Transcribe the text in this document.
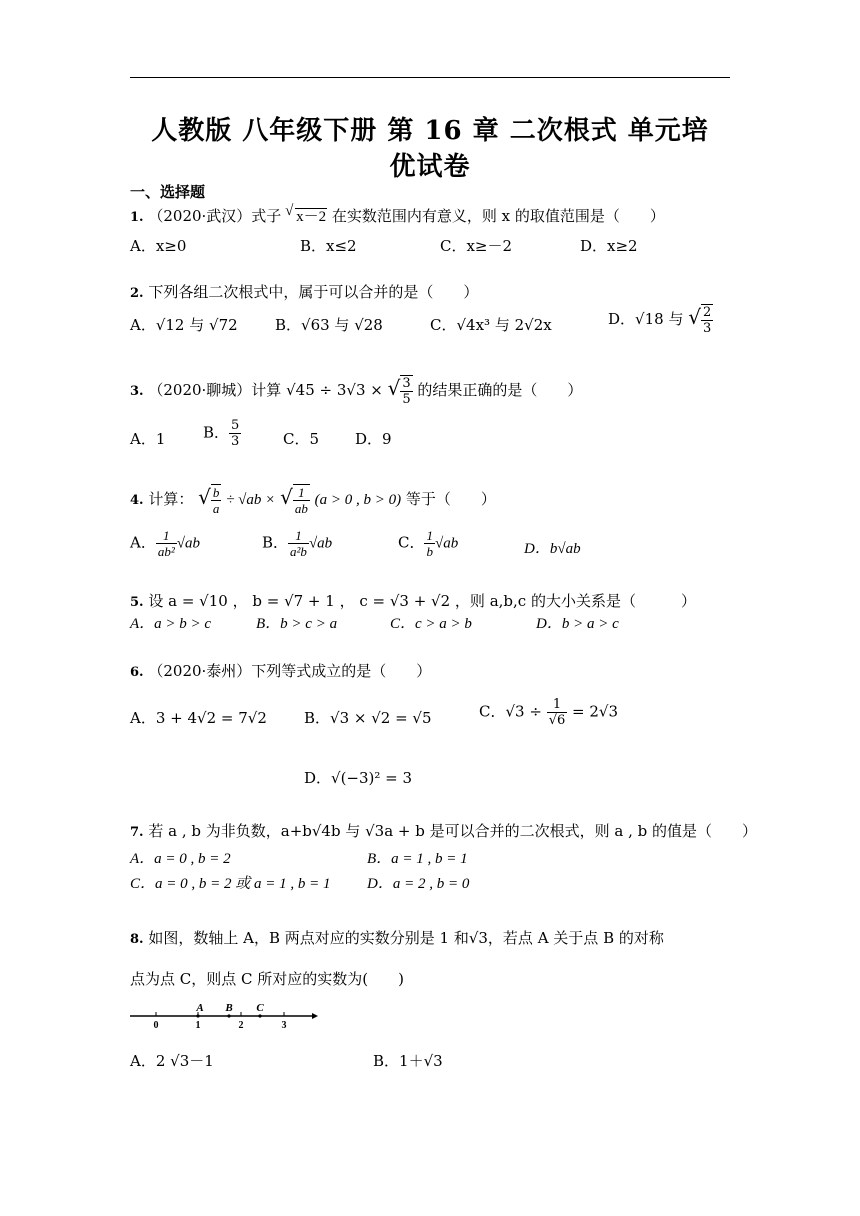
人教版 八年级下册 第 16 章 二次根式 单元培
优试卷
一、选择题
1. （2020·武汉）式子 √ x－2 在实数范围内有意义，则 x 的取值范围是（　　）
A．x≥0	B．x≤2	C．x≥－2	D．x≥2
2. 下列各组二次根式中，属于可以合并的是（　　）
A．√12 与 √72 B．√63 与 √28	C．√4x³ 与 2√2x	D．√18 与 √ $\frac{2}{3}$
3. （2020·聊城）计算 √45 ÷ 3√3 × √ $\frac{3}{5}$ 的结果正确的是（　　）
A．1	B． $\frac{5}{3}$	C．5 D．9
4. 计算： √ $\frac{b}{a} \div √ab$ × √ $\frac{1}{ab} (a > 0$ , b > 0) 等于（　　）
A． $\frac{1}{\text{ab²}} √ab$	B． $\frac{1}{\text{a²b}} √ab$	C． $\frac{1}{b} √ab$	D．b√ab
5. 设 a = √10 ， b = √7 + 1 ， c = √3 + √2 ，则 a,b,c 的大小关系是（　　　）
A．a > b > c	B．b > c > a	C．c > a > b	D．b > a > c
6. （2020·泰州）下列等式成立的是（　　）
A．3 + 4√2 = 7√2 B．√3 × √2 = √5	C．$√3 \div \frac{1}{√6} = 2√3$
D．√(−3)² = 3
7. 若 a , b 为非负数，a+b√4b 与 √3a + b 是可以合并的二次根式，则 a , b 的值是（　　）
A．a = 0 , b = 2	B．a = 1 , b = 1
C．a = 0 , b = 2 或 a = 1 , b = 1 D．a = 2 , b = 0
8. 如图，数轴上 A，B 两点对应的实数分别是 1 和√3，若点 A 关于点 B 的对称
点为点 C，则点 C 所对应的实数为(　　)
0	1	2	3
A B C
A．2 √3－1	B．1＋√3
